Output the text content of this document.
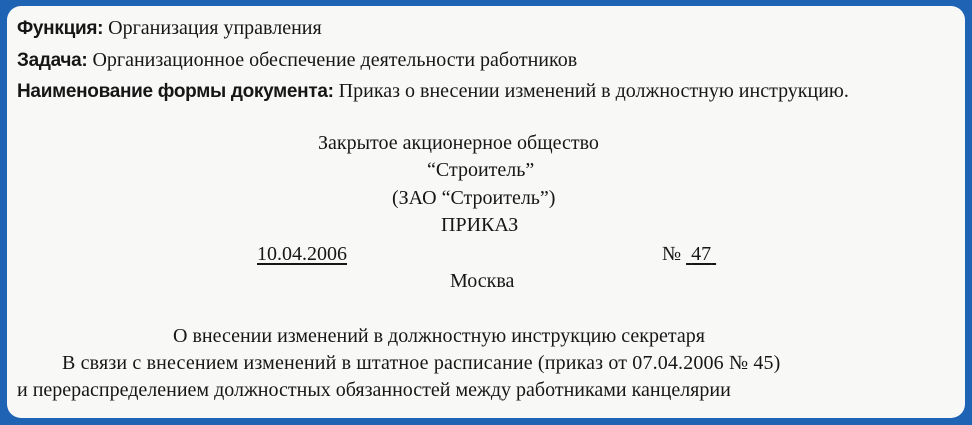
Функция: Организация управления
Задача: Организационное обеспечение деятельности работников
Наименование формы документа: Приказ о внесении изменений в должностную инструкцию.
Закрытое акционерное общество
“Строитель”
(ЗАО “Строитель”)
ПРИКАЗ
10.04.2006	№ 47
Москва
О внесении изменений в должностную инструкцию секретаря
В связи с внесением изменений в штатное расписание (приказ от 07.04.2006 № 45)
и перераспределением должностных обязанностей между работниками канцелярии
